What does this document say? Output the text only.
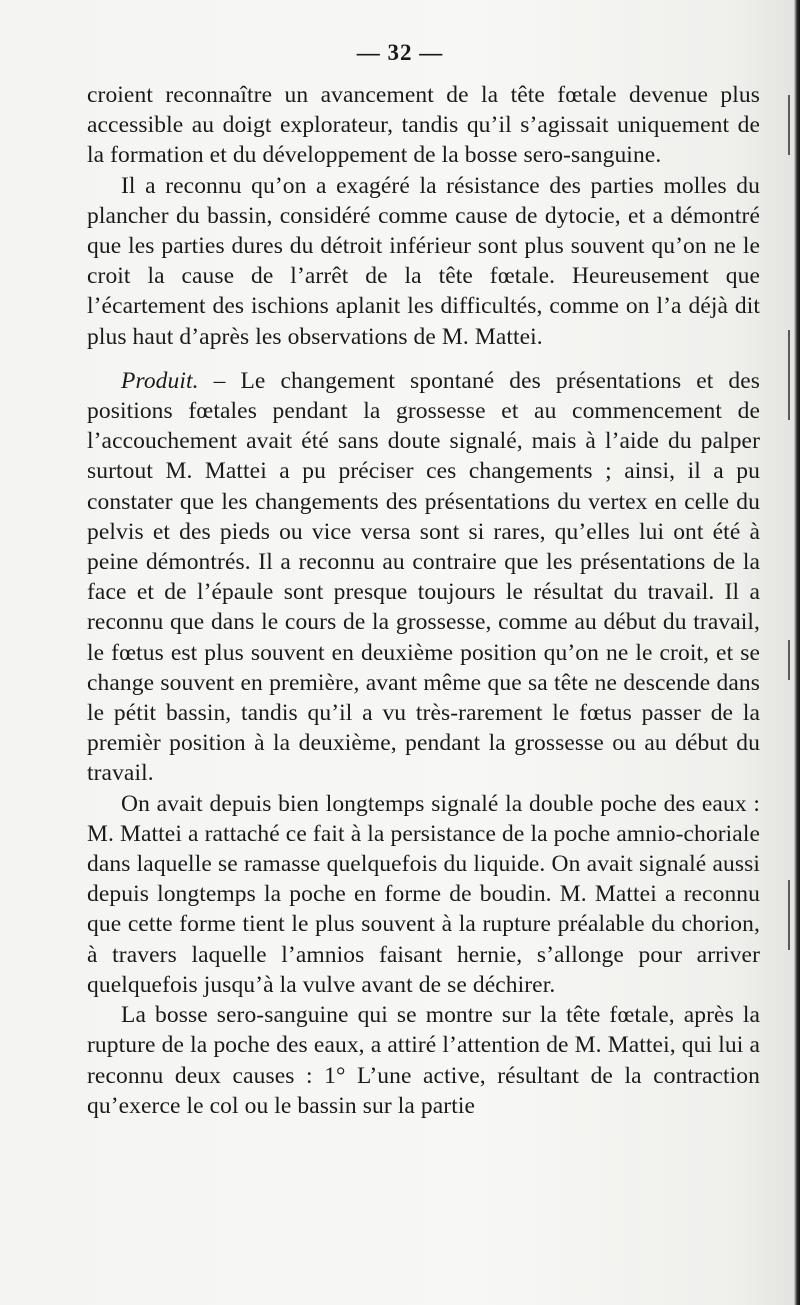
— 32 —

croient reconnaître un avancement de la tête fœtale devenue plus accessible au doigt explorateur, tandis qu’il s’agissait uniquement de la formation et du développement de la bosse sero-sanguine.

Il a reconnu qu’on a exagéré la résistance des parties molles du plancher du bassin, considéré comme cause de dytocie, et a démontré que les parties dures du détroit inférieur sont plus souvent qu’on ne le croit la cause de l’arrêt de la tête fœtale. Heureusement que l’écartement des ischions aplanit les difficultés, comme on l’a déjà dit plus haut d’après les observations de M. Mattei.

Produit. – Le changement spontané des présentations et des positions fœtales pendant la grossesse et au commencement de l’accouchement avait été sans doute signalé, mais à l’aide du palper surtout M. Mattei a pu préciser ces changements ; ainsi, il a pu constater que les changements des présentations du vertex en celle du pelvis et des pieds ou vice versa sont si rares, qu’elles lui ont été à peine démontrés. Il a reconnu au contraire que les présentations de la face et de l’épaule sont presque toujours le résultat du travail. Il a reconnu que dans le cours de la grossesse, comme au début du travail, le fœtus est plus souvent en deuxième position qu’on ne le croit, et se change souvent en première, avant même que sa tête ne descende dans le pétit bassin, tandis qu’il a vu très-rarement le fœtus passer de la premièr position à la deuxième, pendant la grossesse ou au début du travail.

On avait depuis bien longtemps signalé la double poche des eaux : M. Mattei a rattaché ce fait à la persistance de la poche amnio-choriale dans laquelle se ramasse quelquefois du liquide. On avait signalé aussi depuis longtemps la poche en forme de boudin. M. Mattei a reconnu que cette forme tient le plus souvent à la rupture préalable du chorion, à travers laquelle l’amnios faisant hernie, s’allonge pour arriver quelquefois jusqu’à la vulve avant de se déchirer.

La bosse sero-sanguine qui se montre sur la tête fœtale, après la rupture de la poche des eaux, a attiré l’attention de M. Mattei, qui lui a reconnu deux causes : 1° L’une active, résultant de la contraction qu’exerce le col ou le bassin sur la partie
